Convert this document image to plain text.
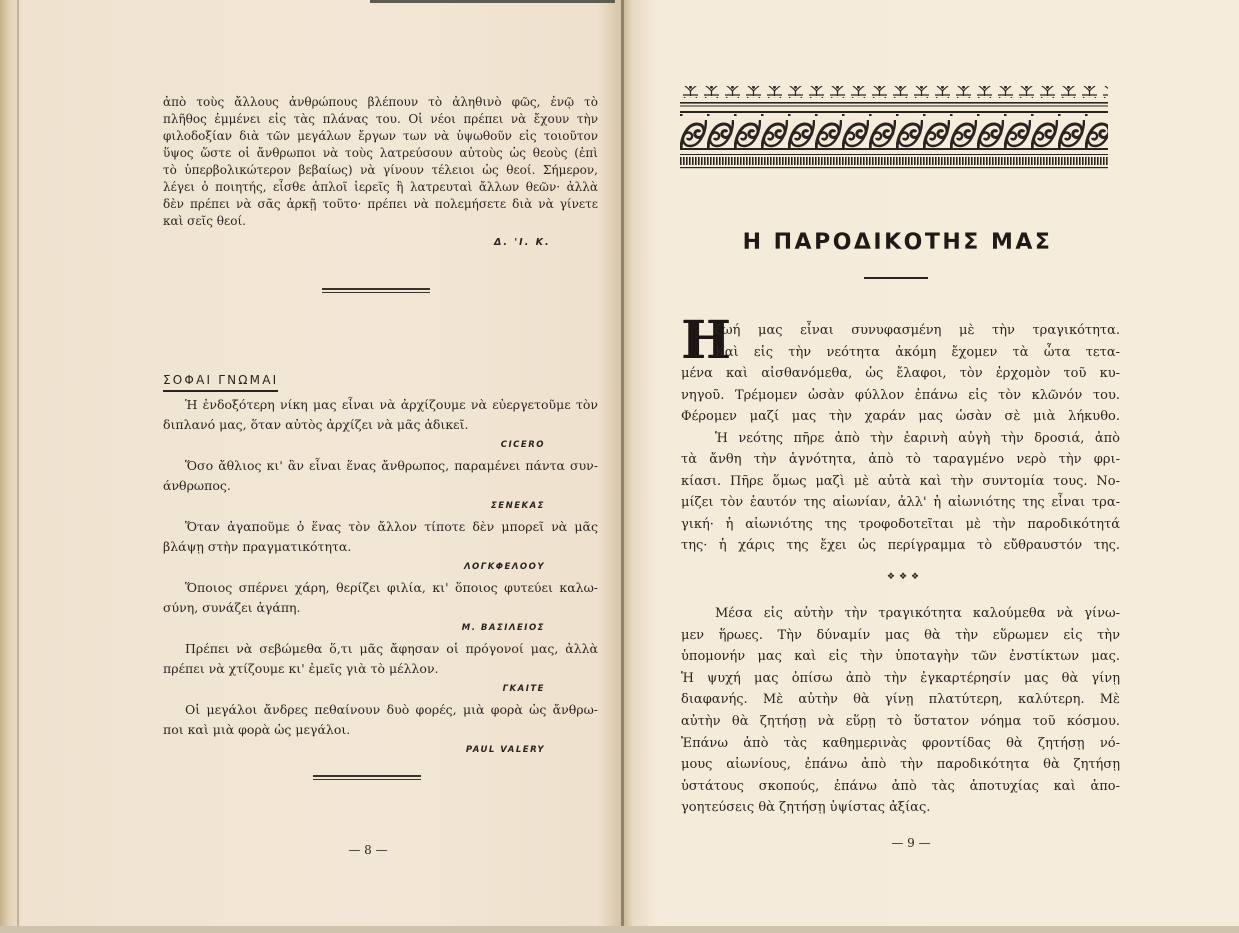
ἀπὸ τοὺς ἄλλους ἀνθρώπους βλέπουν τὸ ἀληθινὸ φῶς, ἐνῷ τὸ
πλῆθος ἐμμένει εἰς τὰς πλάνας του. Οἱ νέοι πρέπει νὰ ἔχουν τὴν
φιλοδοξίαν διὰ τῶν μεγάλων ἔργων των νὰ ὑψωθοῦν εἰς τοιοῦτον
ὕψος ὥστε οἱ ἄνθρωποι νὰ τοὺς λατρεύσουν αὐτοὺς ὡς θεοὺς (ἐπὶ
τὸ ὑπερβολικώτερον βεβαίως) νὰ γίνουν τέλειοι ὡς θεοί. Σήμερον,
λέγει ὁ ποιητής, εἶσθε ἁπλοῖ ἱερεῖς ἢ λατρευταὶ ἄλλων θεῶν· ἀλλὰ
δὲν πρέπει νὰ σᾶς ἀρκῇ τοῦτο· πρέπει νὰ πολεμήσετε διὰ νὰ γίνετε
καὶ σεῖς θεοί.
Δ. 'Ι. Κ.
ΣΟΦΑΙ ΓΝΩΜΑΙ
Ἡ ἐνδοξότερη νίκη μας εἶναι νὰ ἀρχίζουμε νὰ εὐεργετοῦμε τὸν
διπλανό μας, ὅταν αὐτὸς ἀρχίζει νὰ μᾶς ἀδικεῖ.
CICERO
Ὅσο ἄθλιος κι' ἂν εἶναι ἕνας ἄνθρωπος, παραμένει πάντα συν-
άνθρωπος.
ΣΕΝΕΚΑΣ
Ὅταν ἀγαποῦμε ὁ ἕνας τὸν ἄλλον τίποτε δὲν μπορεῖ νὰ μᾶς
βλάψῃ στὴν πραγματικότητα.
ΛΟΓΚΦΕΛΟΟΥ
Ὅποιος σπέρνει χάρη, θερίζει φιλία, κι' ὅποιος φυτεύει καλω-
σύνη, συνάζει ἀγάπη.
Μ. ΒΑΣΙΛΕΙΟΣ
Πρέπει νὰ σεβώμεθα ὅ,τι μᾶς ἄφησαν οἱ πρόγονοί μας, ἀλλὰ
πρέπει νὰ χτίζουμε κι' ἐμεῖς γιὰ τὸ μέλλον.
ΓΚΑΙΤΕ
Οἱ μεγάλοι ἄνδρες πεθαίνουν δυὸ φορές, μιὰ φορὰ ὡς ἄνθρω-
ποι καὶ μιὰ φορὰ ὡς μεγάλοι.
PAUL VALERY
— 8 —
Η ΠΑΡΟΔΙΚΟΤΗΣ ΜΑΣ
Η
ζωή μας εἶναι συνυφασμένη μὲ τὴν τραγικότητα.
Καὶ εἰς τὴν νεότητα ἀκόμη ἔχομεν τὰ ὦτα τετα-
μένα καὶ αἰσθανόμεθα, ὡς ἔλαφοι, τὸν ἐρχομὸν τοῦ κυ-
νηγοῦ. Τρέμομεν ὡσὰν φύλλον ἐπάνω εἰς τὸν κλῶνόν του.
Φέρομεν μαζί μας τὴν χαράν μας ὡσὰν σὲ μιὰ λήκυθο.
Ἡ νεότης πῆρε ἀπὸ τὴν ἐαρινὴ αὐγὴ τὴν δροσιά, ἀπὸ
τὰ ἄνθη τὴν ἁγνότητα, ἀπὸ τὸ ταραγμένο νερὸ τὴν φρι-
κίασι. Πῆρε ὅμως μαζὶ μὲ αὐτὰ καὶ τὴν συντομία τους. Νο-
μίζει τὸν ἑαυτόν της αἰωνίαν, ἀλλ' ἡ αἰωνιότης της εἶναι τρα-
γική· ἡ αἰωνιότης της τροφοδοτεῖται μὲ τὴν παροδικότητά
της· ἡ χάρις της ἔχει ὡς περίγραμμα τὸ εὔθραυστόν της.
❖❖❖
Μέσα εἰς αὐτὴν τὴν τραγικότητα καλούμεθα νὰ γίνω-
μεν ἥρωες. Τὴν δύναμίν μας θὰ τὴν εὕρωμεν εἰς τὴν
ὑπομονήν μας καὶ εἰς τὴν ὑποταγὴν τῶν ἐνστίκτων μας.
Ἡ ψυχή μας ὀπίσω ἀπὸ τὴν ἐγκαρτέρησίν μας θὰ γίνῃ
διαφανής. Μὲ αὐτὴν θὰ γίνῃ πλατύτερη, καλύτερη. Μὲ
αὐτὴν θὰ ζητήσῃ νὰ εὕρῃ τὸ ὕστατον νόημα τοῦ κόσμου.
Ἐπάνω ἀπὸ τὰς καθημερινὰς φροντίδας θὰ ζητήσῃ νό-
μους αἰωνίους, ἐπάνω ἀπὸ τὴν παροδικότητα θὰ ζητήσῃ
ὑστάτους σκοπούς, ἐπάνω ἀπὸ τὰς ἀποτυχίας καὶ ἀπο-
γοητεύσεις θὰ ζητήσῃ ὑψίστας ἀξίας.
— 9 —
